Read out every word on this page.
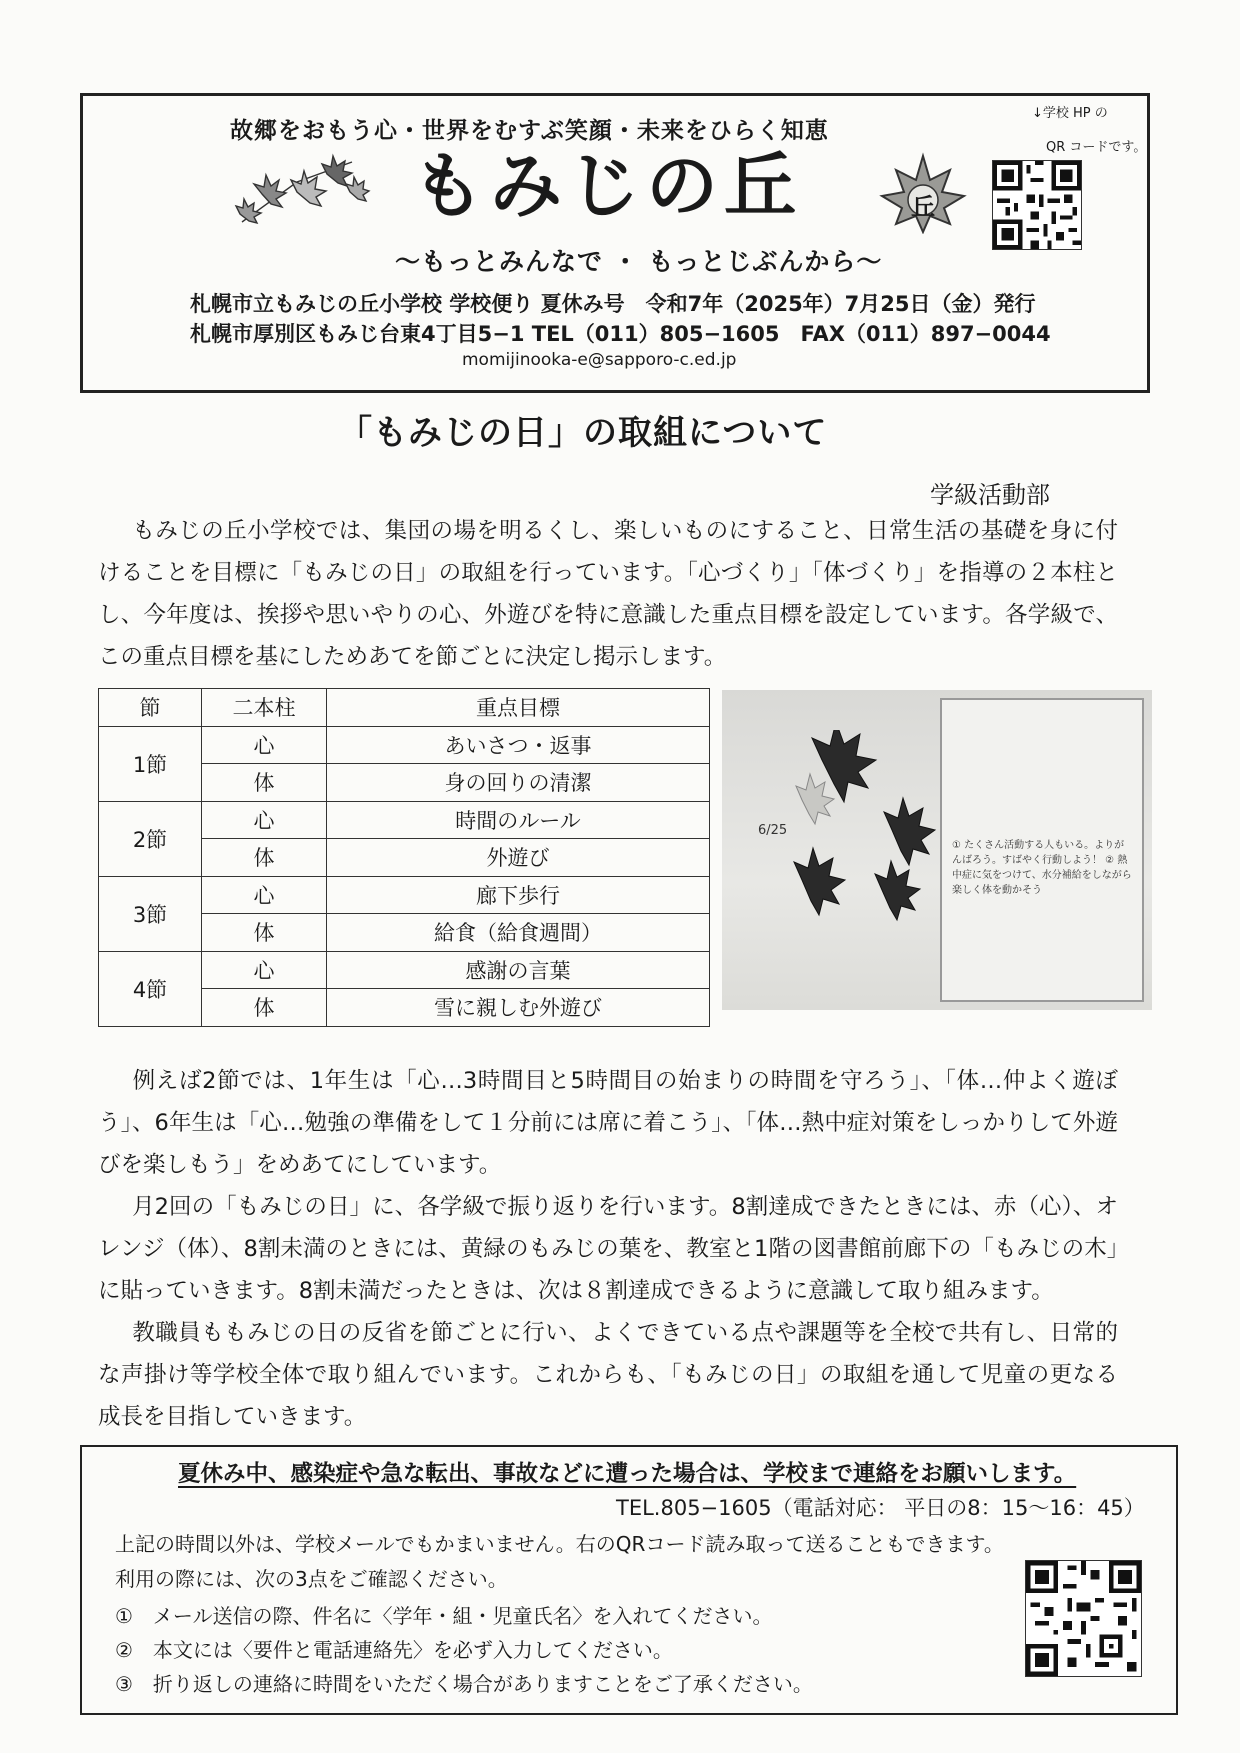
故郷をおもう心・世界をむすぶ笑顔・未来をひらく知恵
もみじの丘	丘
↓学校 HP の
QR コードです。
〜もっとみんなで ・ もっとじぶんから〜
札幌市立もみじの丘小学校 学校便り 夏休み号　令和7年（2025年）7月25日（金）発行
札幌市厚別区もみじ台東4丁目5−1 TEL（011）805−1605　FAX（011）897−0044
momijinooka-e@sapporo-c.ed.jp
「もみじの日」の取組について
学級活動部
もみじの丘小学校では、集団の場を明るくし、楽しいものにすること、日常生活の基礎を身に付けることを目標に「もみじの日」の取組を行っています。「心づくり」「体づくり」を指導の２本柱とし、今年度は、挨拶や思いやりの心、外遊びを特に意識した重点目標を設定しています。各学級で、この重点目標を基にしためあてを節ごとに決定し掲示します。
節	二本柱	重点目標
1節	心	あいさつ・返事
	体	身の回りの清潔
2節	心	時間のルール
	体	外遊び
3節	心	廊下歩行
	体	給食（給食週間）
4節	心	感謝の言葉
	体	雪に親しむ外遊び
6/25
① たくさん活動する人もいる。よりがんばろう。すばやく行動しよう！ ② 熱中症に気をつけて、水分補給をしながら楽しく体を動かそう
例えば2節では、1年生は「心…3時間目と5時間目の始まりの時間を守ろう」、「体…仲よく遊ぼう」、6年生は「心…勉強の準備をして１分前には席に着こう」、「体…熱中症対策をしっかりして外遊びを楽しもう」をめあてにしています。
月2回の「もみじの日」に、各学級で振り返りを行います。8割達成できたときには、赤（心）、オレンジ（体）、8割未満のときには、黄緑のもみじの葉を、教室と1階の図書館前廊下の「もみじの木」に貼っていきます。8割未満だったときは、次は８割達成できるように意識して取り組みます。
教職員ももみじの日の反省を節ごとに行い、よくできている点や課題等を全校で共有し、日常的な声掛け等学校全体で取り組んでいます。これからも、「もみじの日」の取組を通して児童の更なる成長を目指していきます。
夏休み中、感染症や急な転出、事故などに遭った場合は、学校まで連絡をお願いします。
TEL.805−1605（電話対応： 平日の8：15〜16：45）
上記の時間以外は、学校メールでもかまいません。右のQRコード読み取って送ることもできます。
利用の際には、次の3点をご確認ください。
①　メール送信の際、件名に〈学年・組・児童氏名〉を入れてください。
②　本文には〈要件と電話連絡先〉を必ず入力してください。
③　折り返しの連絡に時間をいただく場合がありますことをご了承ください。
